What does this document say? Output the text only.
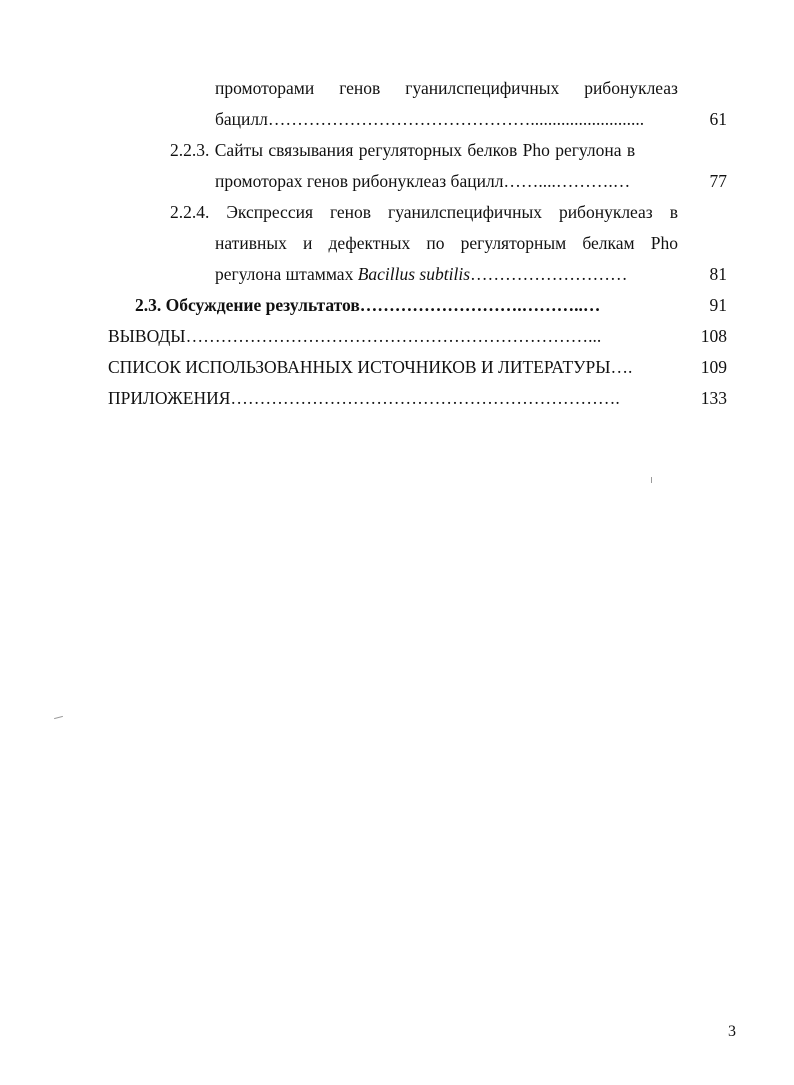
промоторами генов гуанилспецифичных рибонуклеаз
бацилл………………………………………..........................	61
2.2.3. Сайты связывания регуляторных белков Pho регулона в
промоторах генов рибонуклеаз бацилл……....……….…	77
2.2.4. Экспрессия генов гуанилспецифичных рибонуклеаз в
нативных и дефектных по регуляторным белкам Pho
регулона штаммах Bacillus subtilis………………………	81
2.3. Обсуждение результатов……………………….………..…	91
ВЫВОДЫ……………………………………………………………...	108
СПИСОК ИСПОЛЬЗОВАННЫХ ИСТОЧНИКОВ И ЛИТЕРАТУРЫ….	109
ПРИЛОЖЕНИЯ………………………………………………………….	133
3
